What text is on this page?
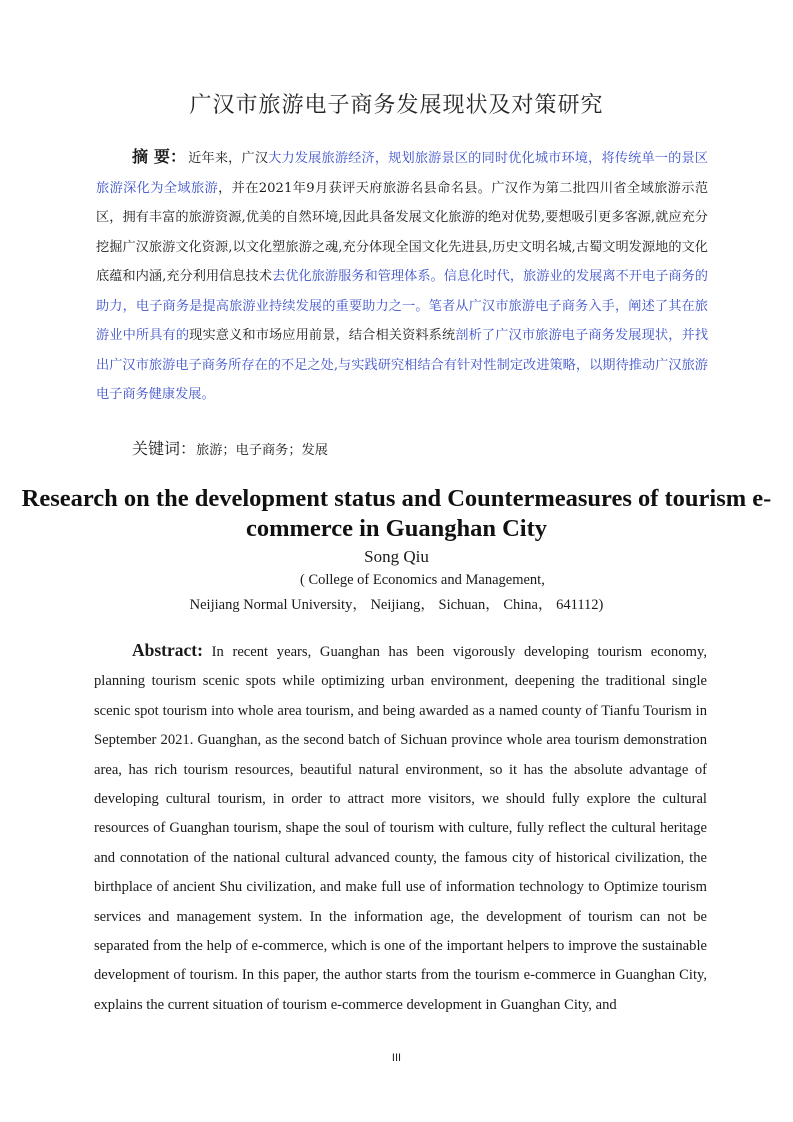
广汉市旅游电子商务发展现状及对策研究
摘 要： 近年来，广汉大力发展旅游经济，规划旅游景区的同时优化城市环境，将传统单一的景区旅游深化为全域旅游，并在2021年9月获评天府旅游名县命名县。广汉作为第二批四川省全域旅游示范区，拥有丰富的旅游资源,优美的自然环境,因此具备发展文化旅游的绝对优势,要想吸引更多客源,就应充分挖掘广汉旅游文化资源,以文化塑旅游之魂,充分体现全国文化先进县,历史文明名城,古蜀文明发源地的文化底蕴和内涵,充分利用信息技术去优化旅游服务和管理体系。信息化时代，旅游业的发展离不开电子商务的助力，电子商务是提高旅游业持续发展的重要助力之一。笔者从广汉市旅游电子商务入手，阐述了其在旅游业中所具有的现实意义和市场应用前景，结合相关资料系统剖析了广汉市旅游电子商务发展现状，并找出广汉市旅游电子商务所存在的不足之处,与实践研究相结合有针对性制定改进策略，以期待推动广汉旅游电子商务健康发展。
关键词：旅游；电子商务；发展
Research on the development status and Countermeasures of tourism e-commerce in Guanghan City
Song Qiu
( College of Economics and Management,
Neijiang Normal University， Neijiang， Sichuan， China， 641112)
Abstract: In recent years, Guanghan has been vigorously developing tourism economy, planning tourism scenic spots while optimizing urban environment, deepening the traditional single scenic spot tourism into whole area tourism, and being awarded as a named county of Tianfu Tourism in September 2021. Guanghan, as the second batch of Sichuan province whole area tourism demonstration area, has rich tourism resources, beautiful natural environment, so it has the absolute advantage of developing cultural tourism, in order to attract more visitors, we should fully explore the cultural resources of Guanghan tourism, shape the soul of tourism with culture, fully reflect the cultural heritage and connotation of the national cultural advanced county, the famous city of historical civilization, the birthplace of ancient Shu civilization, and make full use of information technology to Optimize tourism services and management system. In the information age, the development of tourism can not be separated from the help of e-commerce, which is one of the important helpers to improve the sustainable development of tourism. In this paper, the author starts from the tourism e-commerce in Guanghan City, explains the current situation of tourism e-commerce development in Guanghan City, and
III
